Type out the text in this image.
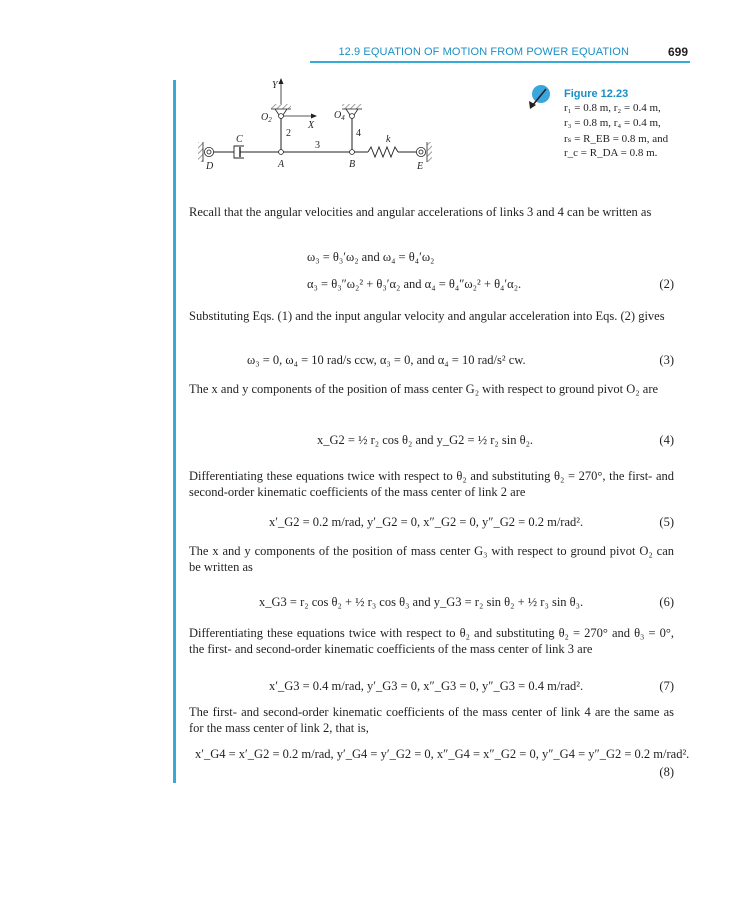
12.9 EQUATION OF MOTION FROM POWER EQUATION	699
Y
X
$O_2$	$O_4$
2	4
3
A	B
C
D
k
E
Figure 12.23
r₁ = 0.8 m, r₂ = 0.4 m,
r₃ = 0.8 m, r₄ = 0.4 m,
rₛ = R_EB = 0.8 m, and
r_c = R_DA = 0.8 m.

Recall that the angular velocities and angular accelerations of links 3 and 4 can be written as

ω₃ = θ₃′ω₂ and ω₄ = θ₄′ω₂
α₃ = θ₃″ω₂² + θ₃′α₂ and α₄ = θ₄″ω₂² + θ₄′α₂.	(2)

Substituting Eqs. (1) and the input angular velocity and angular acceleration into Eqs. (2) gives

ω₃ = 0, ω₄ = 10 rad/s ccw, α₃ = 0, and α₄ = 10 rad/s² cw.	(3)

The x and y components of the position of mass center G₂ with respect to ground pivot O₂ are

x_G2 = ½ r₂ cos θ₂ and y_G2 = ½ r₂ sin θ₂.	(4)

Differentiating these equations twice with respect to θ₂ and substituting θ₂ = 270°, the first- and second-order kinematic coefficients of the mass center of link 2 are

x′_G2 = 0.2 m/rad, y′_G2 = 0, x″_G2 = 0, y″_G2 = 0.2 m/rad².	(5)

The x and y components of the position of mass center G₃ with respect to ground pivot O₂ can be written as

x_G3 = r₂ cos θ₂ + ½ r₃ cos θ₃ and y_G3 = r₂ sin θ₂ + ½ r₃ sin θ₃.	(6)

Differentiating these equations twice with respect to θ₂ and substituting θ₂ = 270° and θ₃ = 0°, the first- and second-order kinematic coefficients of the mass center of link 3 are

x′_G3 = 0.4 m/rad, y′_G3 = 0, x″_G3 = 0, y″_G3 = 0.4 m/rad².	(7)

The first- and second-order kinematic coefficients of the mass center of link 4 are the same as for the mass center of link 2, that is,

x′_G4 = x′_G2 = 0.2 m/rad, y′_G4 = y′_G2 = 0, x″_G4 = x″_G2 = 0, y″_G4 = y″_G2 = 0.2 m/rad².
(8)
